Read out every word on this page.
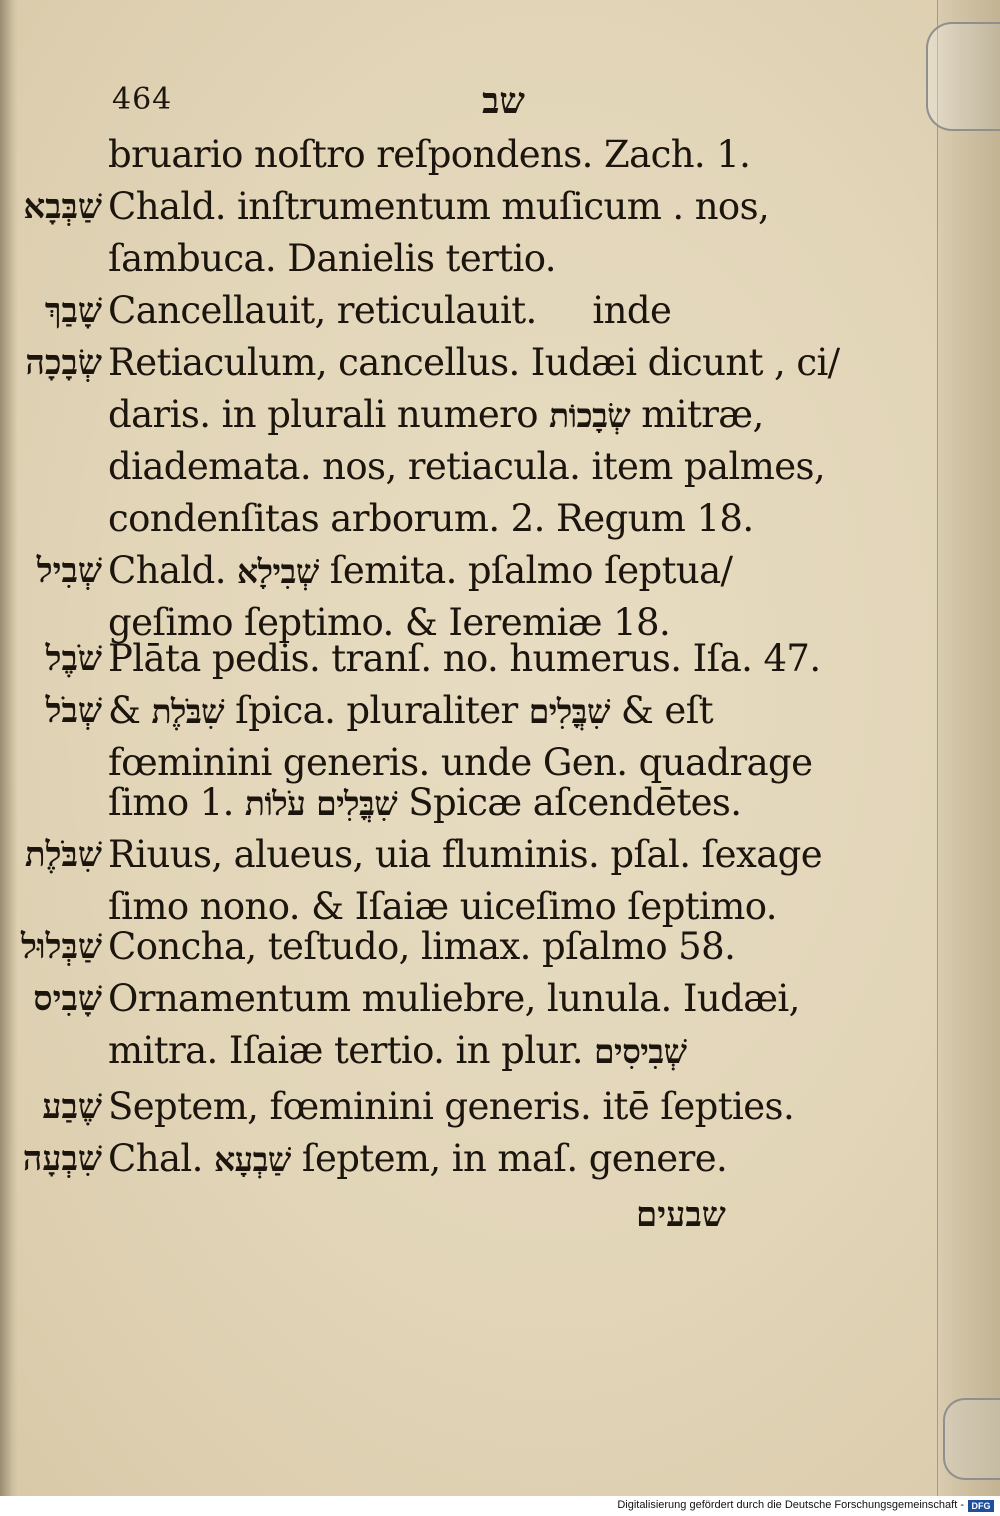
464	שב
bruario noſtro reſpondens. Zach. 1.
שַׁבְּבָא Chald. inſtrumentum muſicum . nos,
ſambuca. Danielis tertio.
שָׁבַךְ Cancellauit, reticulauit.     inde
שְׂבָכָה Retiaculum, cancellus. Iudæi dicunt , ci/
daris. in plurali numero שְׂבָכוֹת mitræ,
diademata. nos, retiacula. item palmes,
condenſitas arborum. 2. Regum 18.
שְׁבִיל Chald. שְׁבִילָא ſemita. pſalmo ſeptua/
geſimo ſeptimo. & Ieremiæ 18.
שֹׁבֶל Plāta pedis. tranſ. no. humerus. Iſa. 47.
שְׁבֹל & שִׁבֹּלֶת ſpica. pluraliter שִׁבֳּלִים & eſt
fœminini generis. unde Gen. quadrage
ſimo 1. שִׁבֳּלִים עֹלוֹת Spicæ aſcendētes.
שִׁבֹּלֶת Riuus, alueus, uia fluminis. pſal. ſexage
ſimo nono. & Iſaiæ uiceſimo ſeptimo.
שַׁבְּלוּל Concha, teſtudo, limax. pſalmo 58.
שָׁבִיס Ornamentum muliebre, lunula. Iudæi,
mitra. Iſaiæ tertio. in plur. שְׁבִיסִים
שֶׁבַע Septem, fœminini generis. itē ſepties.
שִׁבְעָה Chal. שַׁבְעָא ſeptem, in maſ. genere.
שבעים
Digitalisierung gefördert durch die Deutsche Forschungsgemeinschaft - DFG
